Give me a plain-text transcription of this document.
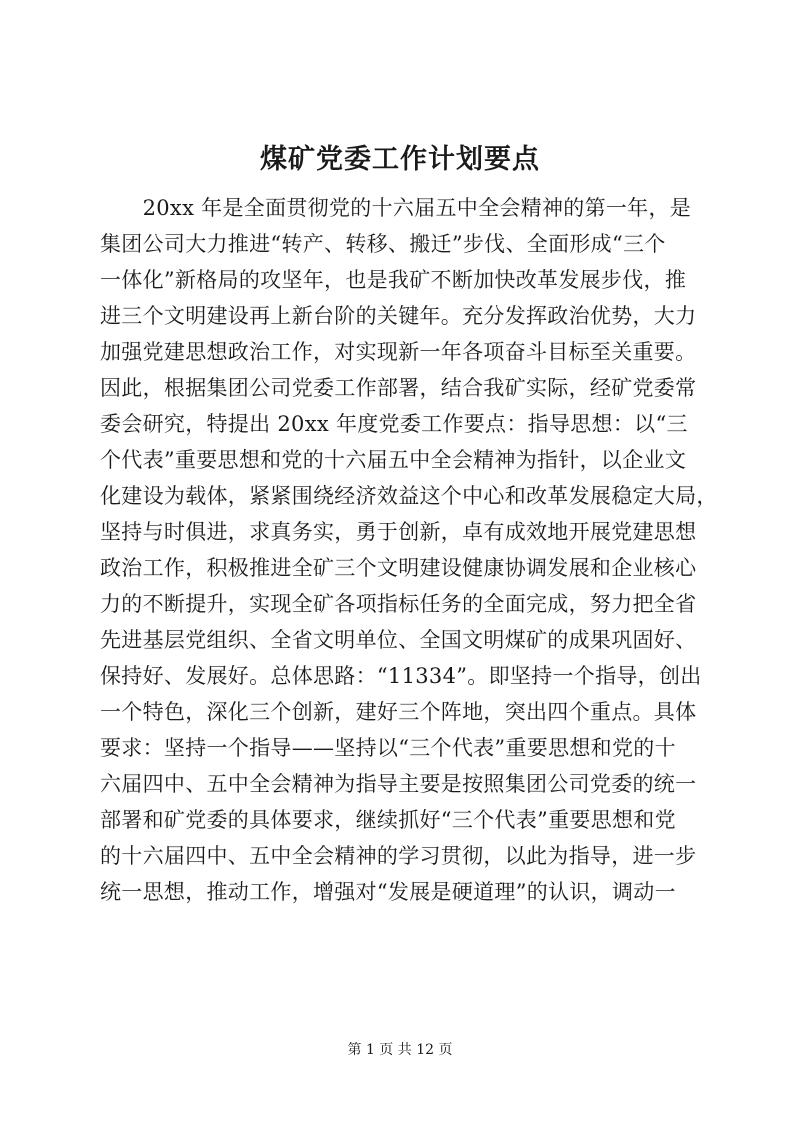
煤矿党委工作计划要点
　　20xx 年是全面贯彻党的十六届五中全会精神的第一年，是
集团公司大力推进“转产、转移、搬迁”步伐、全面形成“三个
一体化”新格局的攻坚年，也是我矿不断加快改革发展步伐，推
进三个文明建设再上新台阶的关键年。充分发挥政治优势，大力
加强党建思想政治工作，对实现新一年各项奋斗目标至关重要。
因此，根据集团公司党委工作部署，结合我矿实际，经矿党委常
委会研究，特提出 20xx 年度党委工作要点：指导思想：以“三
个代表”重要思想和党的十六届五中全会精神为指针，以企业文
化建设为载体，紧紧围绕经济效益这个中心和改革发展稳定大局，
坚持与时俱进，求真务实，勇于创新，卓有成效地开展党建思想
政治工作，积极推进全矿三个文明建设健康协调发展和企业核心
力的不断提升，实现全矿各项指标任务的全面完成，努力把全省
先进基层党组织、全省文明单位、全国文明煤矿的成果巩固好、
保持好、发展好。总体思路：“11334”。即坚持一个指导，创出
一个特色，深化三个创新，建好三个阵地，突出四个重点。具体
要求：坚持一个指导——坚持以“三个代表”重要思想和党的十
六届四中、五中全会精神为指导主要是按照集团公司党委的统一
部署和矿党委的具体要求，继续抓好“三个代表”重要思想和党
的十六届四中、五中全会精神的学习贯彻，以此为指导，进一步
统一思想，推动工作，增强对“发展是硬道理”的认识，调动一
第 1 页 共 12 页
